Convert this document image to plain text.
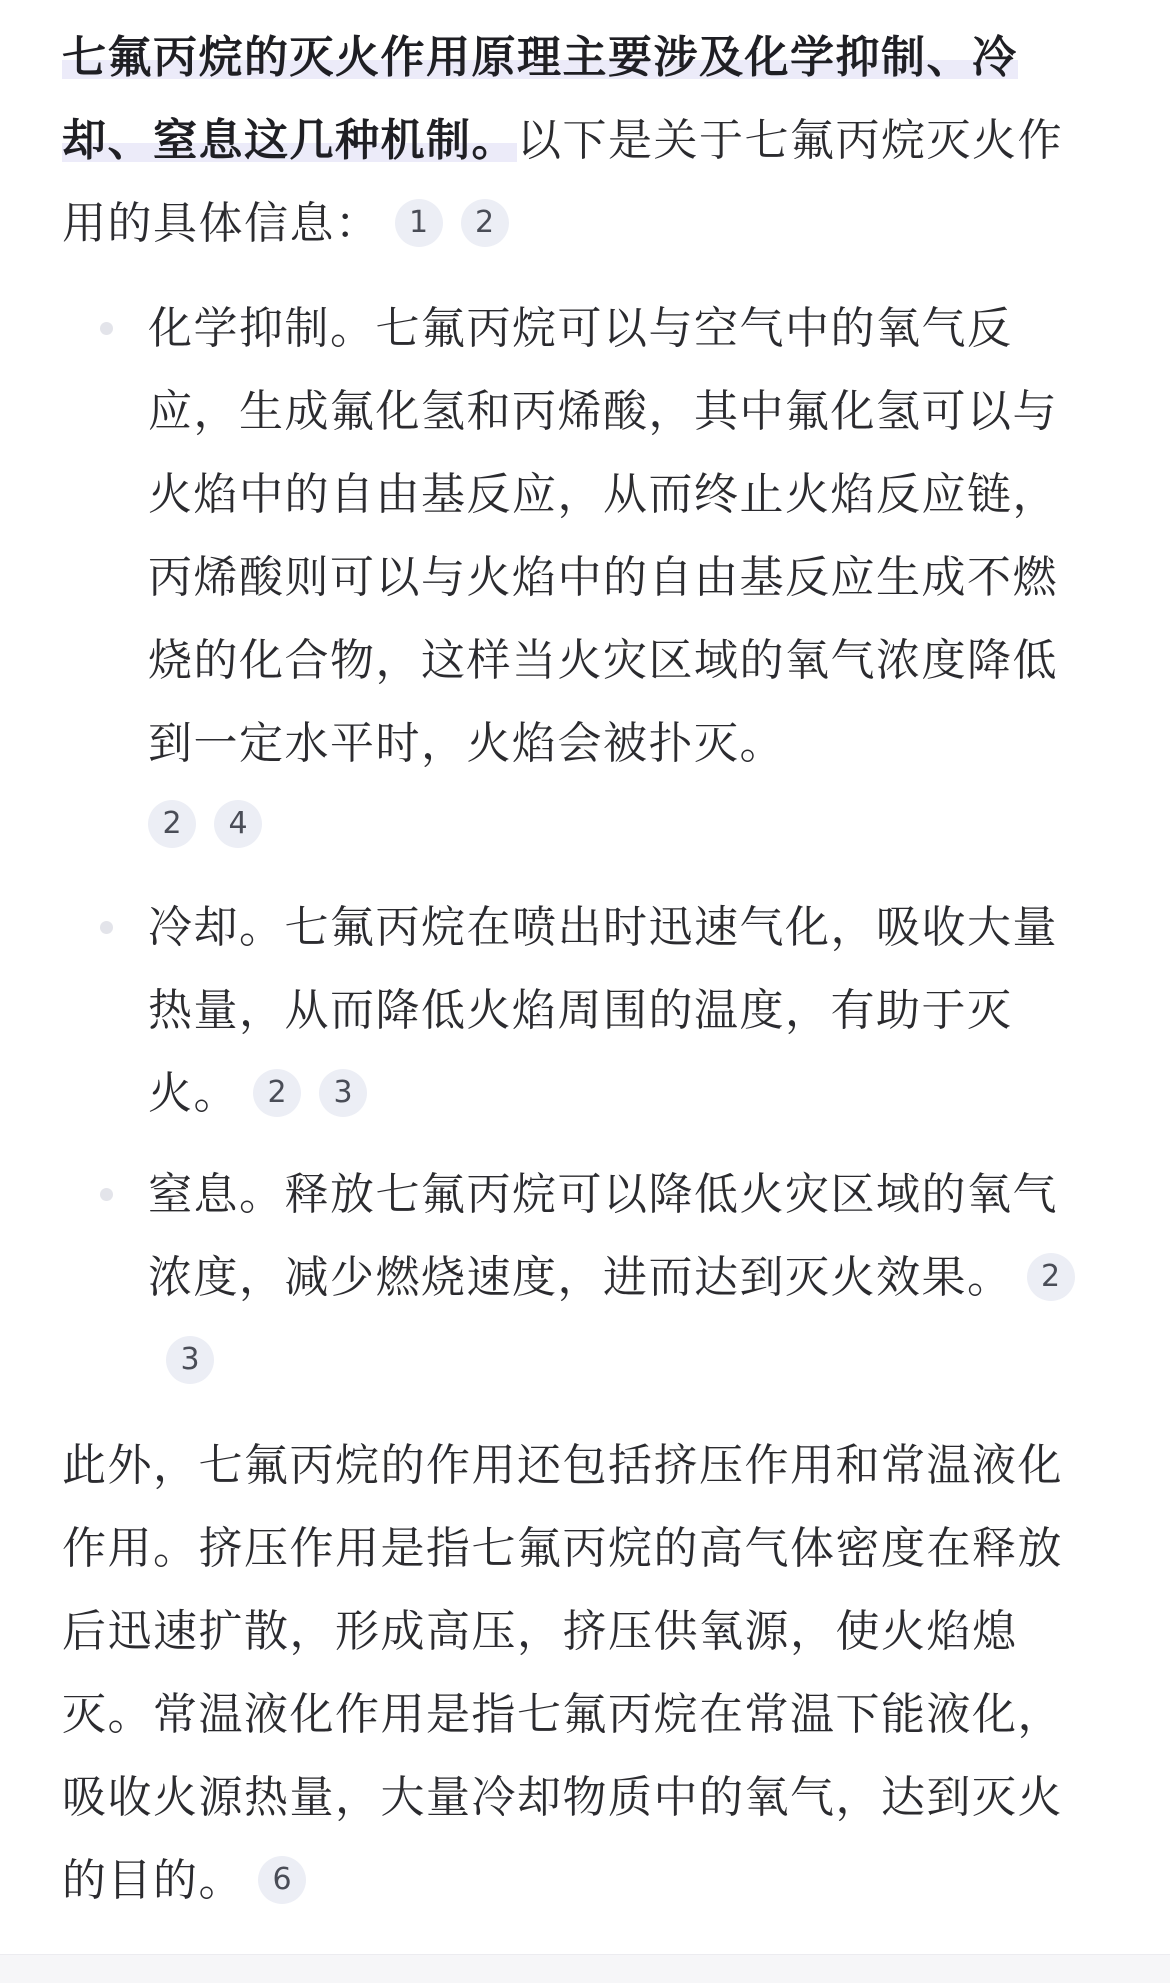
七氟丙烷的灭火作用原理主要涉及化学抑制、冷却、窒息这几种机制。以下是关于七氟丙烷灭火作用的具体信息： 1 2

化学抑制。七氟丙烷可以与空气中的氧气反应，生成氟化氢和丙烯酸，其中氟化氢可以与火焰中的自由基反应，从而终止火焰反应链，丙烯酸则可以与火焰中的自由基反应生成不燃烧的化合物，这样当火灾区域的氧气浓度降低到一定水平时，火焰会被扑灭。

2	4

冷却。七氟丙烷在喷出时迅速气化，吸收大量热量，从而降低火焰周围的温度，有助于灭火。 2 3

窒息。释放七氟丙烷可以降低火灾区域的氧气浓度，减少燃烧速度，进而达到灭火效果。 23

此外，七氟丙烷的作用还包括挤压作用和常温液化作用。挤压作用是指七氟丙烷的高气体密度在释放后迅速扩散，形成高压，挤压供氧源，使火焰熄灭。常温液化作用是指七氟丙烷在常温下能液化，吸收火源热量，大量冷却物质中的氧气，达到灭火的目的。 6
